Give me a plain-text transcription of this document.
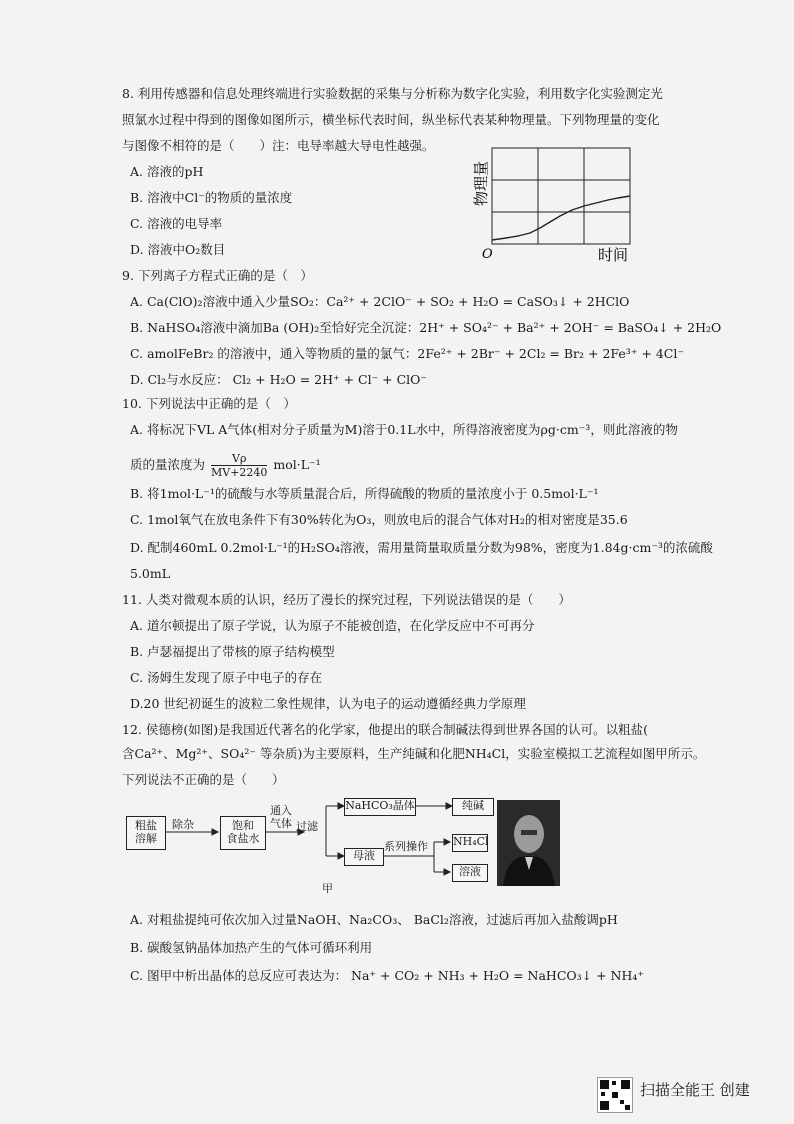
8. 利用传感器和信息处理终端进行实验数据的采集与分析称为数字化实验，利用数字化实验测定光
照氯水过程中得到的图像如图所示，横坐标代表时间，纵坐标代表某种物理量。下列物理量的变化
与图像不相符的是（　　）注：电导率越大导电性越强。
A. 溶液的pH
B. 溶液中Cl⁻的物质的量浓度
C. 溶液的电导率
D. 溶液中O₂数目
物理量
时间
O
9. 下列离子方程式正确的是（　）
A. Ca(ClO)₂溶液中通入少量SO₂：Ca²⁺ + 2ClO⁻ + SO₂ + H₂O = CaSO₃↓ + 2HClO
B. NaHSO₄溶液中滴加Ba (OH)₂至恰好完全沉淀：2H⁺ + SO₄²⁻ + Ba²⁺ + 2OH⁻ = BaSO₄↓ + 2H₂O
C. amolFeBr₂ 的溶液中，通入等物质的量的氯气：2Fe²⁺ + 2Br⁻ + 2Cl₂ = Br₂ + 2Fe³⁺ + 4Cl⁻
D. Cl₂与水反应： Cl₂ + H₂O = 2H⁺ + Cl⁻ + ClO⁻
10. 下列说法中正确的是（　）
A. 将标况下VL A气体(相对分子质量为M)溶于0.1L水中，所得溶液密度为ρg·cm⁻³，则此溶液的物
质的量浓度为 $\frac{V\rho}{MV+2240} mol\cdot L^{-1}$
B. 将1mol·L⁻¹的硫酸与水等质量混合后，所得硫酸的物质的量浓度小于 0.5mol·L⁻¹
C. 1mol氧气在放电条件下有30%转化为O₃，则放电后的混合气体对H₂的相对密度是35.6
D. 配制460mL 0.2mol·L⁻¹的H₂SO₄溶液，需用量筒量取质量分数为98%，密度为1.84g·cm⁻³的浓硫酸
5.0mL
11. 人类对微观本质的认识，经历了漫长的探究过程，下列说法错误的是（　　）
A. 道尔顿提出了原子学说，认为原子不能被创造，在化学反应中不可再分
B. 卢瑟福提出了带核的原子结构模型
C. 汤姆生发现了原子中电子的存在
D.20 世纪初诞生的波粒二象性规律，认为电子的运动遵循经典力学原理
12. 侯德榜(如图)是我国近代著名的化学家，他提出的联合制碱法得到世界各国的认可。以粗盐(
含Ca²⁺、Mg²⁺、SO₄²⁻ 等杂质)为主要原料，生产纯碱和化肥NH₄Cl，实验室模拟工艺流程如图甲所示。
下列说法不正确的是（　　）
粗盐
溶解
除杂	饱和
食盐水
通入
气体 过滤
NaHCO₃晶体	纯碱
母液
系列操作 NH₄Cl
溶液
甲
A. 对粗盐提纯可依次加入过量NaOH、Na₂CO₃、 BaCl₂溶液，过滤后再加入盐酸调pH
B. 碳酸氢钠晶体加热产生的气体可循环利用
C. 图甲中析出晶体的总反应可表达为： Na⁺ + CO₂ + NH₃ + H₂O = NaHCO₃↓ + NH₄⁺
扫描全能王 创建
